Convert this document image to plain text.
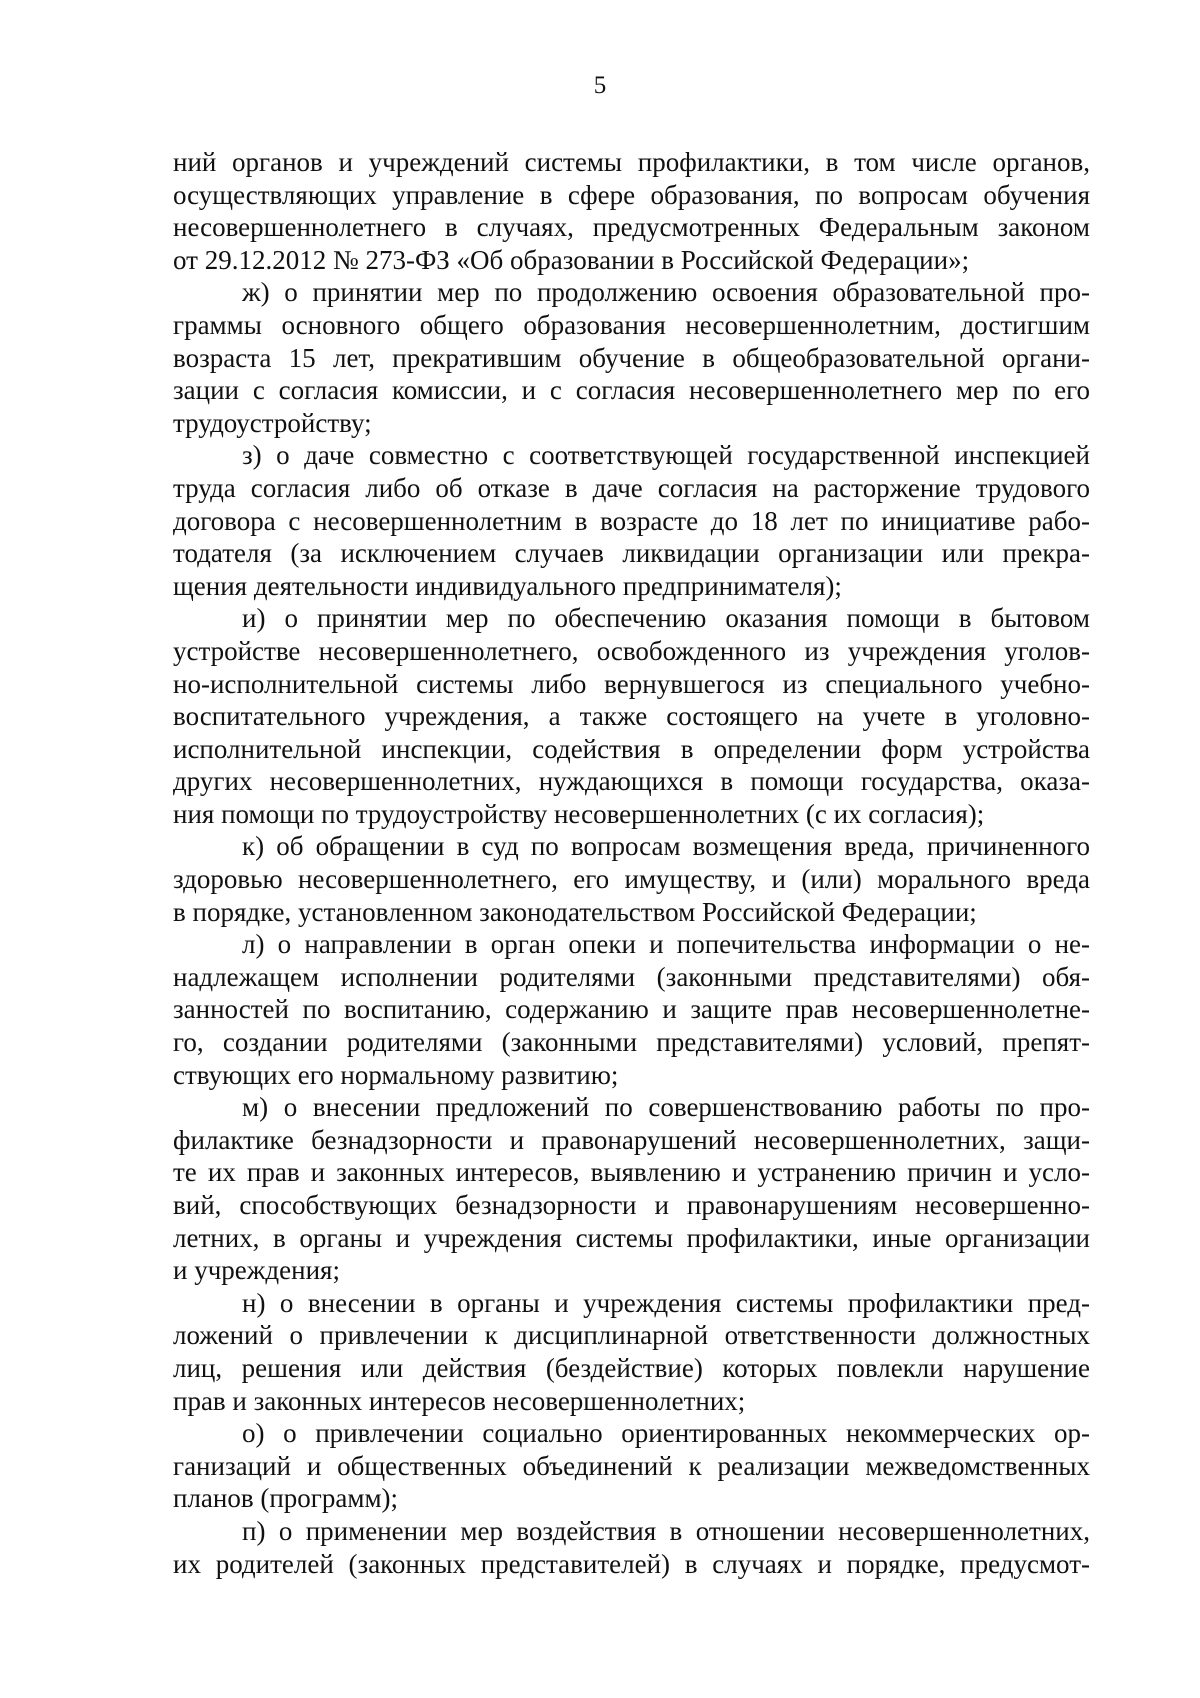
5
ний органов и учреждений системы профилактики, в том числе органов,
осуществляющих управление в сфере образования, по вопросам обучения
несовершеннолетнего в случаях, предусмотренных Федеральным законом
от 29.12.2012 № 273-ФЗ «Об образовании в Российской Федерации»;
ж) о принятии мер по продолжению освоения образовательной про-
граммы основного общего образования несовершеннолетним, достигшим
возраста 15 лет, прекратившим обучение в общеобразовательной органи-
зации с согласия комиссии, и с согласия несовершеннолетнего мер по его
трудоустройству;
з) о даче совместно с соответствующей государственной инспекцией
труда согласия либо об отказе в даче согласия на расторжение трудового
договора с несовершеннолетним в возрасте до 18 лет по инициативе рабо-
тодателя (за исключением случаев ликвидации организации или прекра-
щения деятельности индивидуального предпринимателя);
и) о принятии мер по обеспечению оказания помощи в бытовом
устройстве несовершеннолетнего, освобожденного из учреждения уголов-
но-исполнительной системы либо вернувшегося из специального учебно-
воспитательного учреждения, а также состоящего на учете в уголовно-
исполнительной инспекции, содействия в определении форм устройства
других несовершеннолетних, нуждающихся в помощи государства, оказа-
ния помощи по трудоустройству несовершеннолетних (с их согласия);
к) об обращении в суд по вопросам возмещения вреда, причиненного
здоровью несовершеннолетнего, его имуществу, и (или) морального вреда
в порядке, установленном законодательством Российской Федерации;
л) о направлении в орган опеки и попечительства информации о не-
надлежащем исполнении родителями (законными представителями) обя-
занностей по воспитанию, содержанию и защите прав несовершеннолетне-
го, создании родителями (законными представителями) условий, препят-
ствующих его нормальному развитию;
м) о внесении предложений по совершенствованию работы по про-
филактике безнадзорности и правонарушений несовершеннолетних, защи-
те их прав и законных интересов, выявлению и устранению причин и усло-
вий, способствующих безнадзорности и правонарушениям несовершенно-
летних, в органы и учреждения системы профилактики, иные организации
и учреждения;
н) о внесении в органы и учреждения системы профилактики пред-
ложений о привлечении к дисциплинарной ответственности должностных
лиц, решения или действия (бездействие) которых повлекли нарушение
прав и законных интересов несовершеннолетних;
о) о привлечении социально ориентированных некоммерческих ор-
ганизаций и общественных объединений к реализации межведомственных
планов (программ);
п) о применении мер воздействия в отношении несовершеннолетних,
их родителей (законных представителей) в случаях и порядке, предусмот-
